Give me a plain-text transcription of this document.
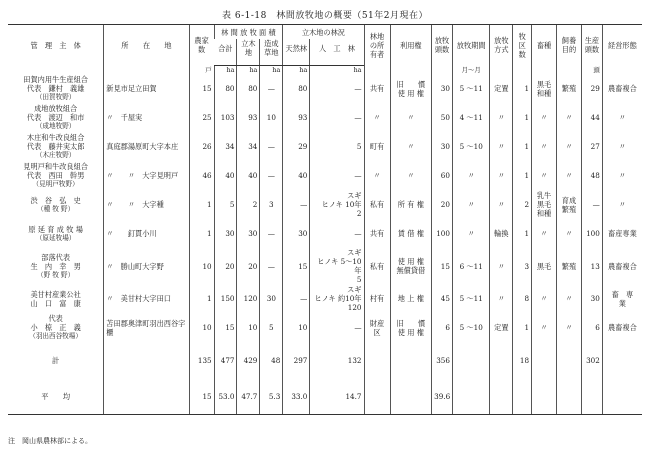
表 6-1-18　林間放牧地の概要（51年2月現在）
管　理　主　体	所　　在　　地	農家数	林 間 放 牧 面 積			立木地の林況		林地の所有者	利用権	放牧頭数	放牧期間	放牧方式	牧区数	畜種	飼養目的	生産頭数	経営形態
			合計	立木地	造成草地	天然林	人　工　林										

		戸	ha	ha	ha	ha	ha				月～月					頭	

田賀内用牛生産組合
代表　鎌村　義雄
（田賀牧野）	新見市足立田賀	15	80	80	—	80	—	共有	旧　　慣
使 用 権	30	5 ～11	定置	1	黒毛
和種	繁殖	29	農畜複合

成地放牧組合
代表　渡辺　和市
（成地牧野）	〃　千屋実	25	103	93	10	93	—	〃	〃	50	4 ～11	〃	1	〃	〃	44	〃

木庄和牛改良組合
代表　藤井実太郎
（木庄牧野）	真庭郡湯原町大字本庄	26	34	34	—	29	5	町有	〃	30	5 ～10	〃	1	〃	〃	27	〃

見明戸和牛改良組合
代表　西田　幹男
（見明戸牧野）	〃　　〃　大字見明戸	46	40	40	—	40	—	〃	〃	60	〃	〃	1	〃	〃	48	〃

渋　谷　弘　史
（種 牧 野）	〃　　〃　大字種	1	5	2	3	—	スギ
ヒノキ 10年
2	私有	所 有 権	20	〃	〃	2	乳牛
黒毛
和種	育成
繁殖	—	〃

原 延 育 成 牧 場
（原延牧場）	〃　　釘貫小川	1	30	30	—	30	—	共有	賃 借 権	100	〃	輪換	1	〃	〃	100	畜産専業

部落代表
生　内　幸　男
（野 牧 野）	〃　勝山町大字野	10	20	20	—	15	スギ
ヒノキ 5～10年
5	私有	使 用 権
無償貸借	15	6 ～11	〃	3	黒毛	繁殖	13	農畜複合

美甘村産業公社
山　口　富　康	〃　美甘村大字田口	1	150	120	30	—	スギ
ヒノキ 約10年
120	村有	地 上 権	45	5 ～11	〃	8	〃	〃	30	畜　専　業

代表
小　椋　正　義
（羽出西谷牧場）	苫田郡奥津町羽出西谷字櫃	10	15	10	5	10	—	財産区	旧　　慣
使 用 権	6	5 ～10	定置	1	〃	〃	6	農畜複合
計		135	477	429	48	297	132			356			18			302	
平　　均		15	53.0	47.7	5.3	33.0	14.7			39.6							
注　岡山県農林部による。
